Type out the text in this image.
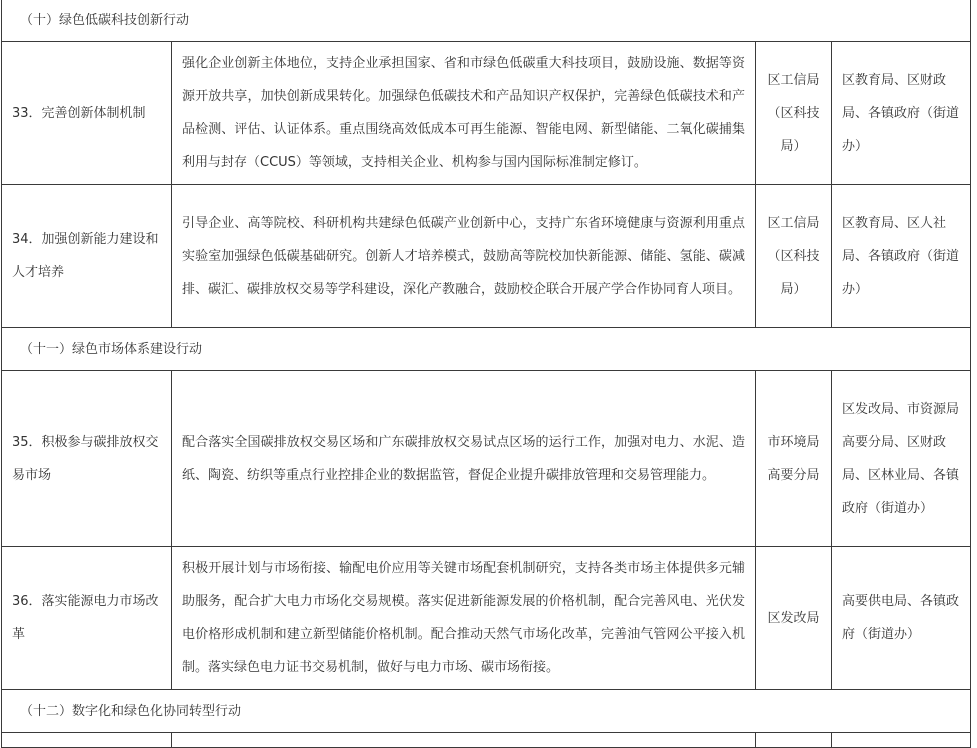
（十）绿色低碳科技创新行动			
33．完善创新体制机制	强化企业创新主体地位，支持企业承担国家、省和市绿色低碳重大科技项目，鼓励设施、数据等资源开放共享，加快创新成果转化。加强绿色低碳技术和产品知识产权保护，完善绿色低碳技术和产品检测、评估、认证体系。重点围绕高效低成本可再生能源、智能电网、新型储能、二氧化碳捕集利用与封存（CCUS）等领域，支持相关企业、机构参与国内国际标准制定修订。	区工信局（区科技局）	区教育局、区财政局、各镇政府（街道办）
34．加强创新能力建设和人才培养	引导企业、高等院校、科研机构共建绿色低碳产业创新中心，支持广东省环境健康与资源利用重点实验室加强绿色低碳基础研究。创新人才培养模式，鼓励高等院校加快新能源、储能、氢能、碳减排、碳汇、碳排放权交易等学科建设，深化产教融合，鼓励校企联合开展产学合作协同育人项目。	区工信局（区科技局）	区教育局、区人社局、各镇政府（街道办）
（十一）绿色市场体系建设行动			
35．积极参与碳排放权交易市场	配合落实全国碳排放权交易区场和广东碳排放权交易试点区场的运行工作，加强对电力、水泥、造纸、陶瓷、纺织等重点行业控排企业的数据监管，督促企业提升碳排放管理和交易管理能力。	市环境局高要分局	区发改局、市资源局高要分局、区财政局、区林业局、各镇政府（街道办）
36．落实能源电力市场改革	积极开展计划与市场衔接、输配电价应用等关键市场配套机制研究，支持各类市场主体提供多元辅助服务，配合扩大电力市场化交易规模。落实促进新能源发展的价格机制，配合完善风电、光伏发电价格形成机制和建立新型储能价格机制。配合推动天然气市场化改革，完善油气管网公平接入机制。落实绿色电力证书交易机制，做好与电力市场、碳市场衔接。	区发改局	高要供电局、各镇政府（街道办）
（十二）数字化和绿色化协同转型行动			
